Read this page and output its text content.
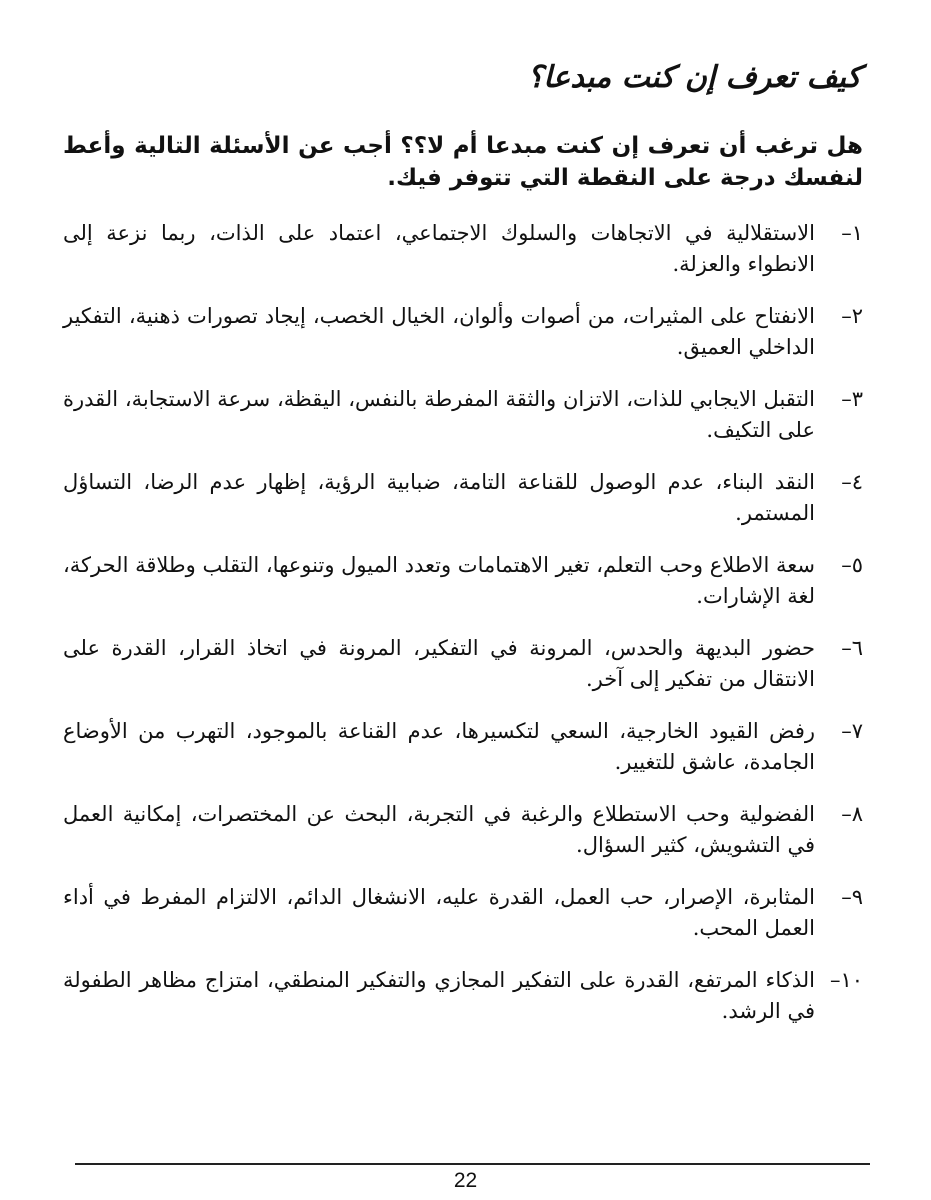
كيف تعرف إن كنت مبدعا؟

هل ترغب أن تعرف إن كنت مبدعا أم لا؟؟ أجب عن الأسئلة التالية وأعط لنفسك درجة على النقطة التي تتوفر فيك.

١–
الاستقلالية في الاتجاهات والسلوك الاجتماعي، اعتماد على الذات، ربما نزعة إلى الانطواء والعزلة.
٢–
الانفتاح على المثيرات، من أصوات وألوان، الخيال الخصب، إيجاد تصورات ذهنية، التفكير الداخلي العميق.
٣–
التقبل الايجابي للذات، الاتزان والثقة المفرطة بالنفس، اليقظة، سرعة الاستجابة، القدرة على التكيف.
٤–
النقد البناء، عدم الوصول للقناعة التامة، ضبابية الرؤية، إظهار عدم الرضا، التساؤل المستمر.
٥–
سعة الاطلاع وحب التعلم، تغير الاهتمامات وتعدد الميول وتنوعها، التقلب وطلاقة الحركة، لغة الإشارات.
٦–
حضور البديهة والحدس، المرونة في التفكير، المرونة في اتخاذ القرار، القدرة على الانتقال من تفكير إلى آخر.
٧–
رفض القيود الخارجية، السعي لتكسيرها، عدم القناعة بالموجود، التهرب من الأوضاع الجامدة، عاشق للتغيير.
٨–
الفضولية وحب الاستطلاع والرغبة في التجربة، البحث عن المختصرات، إمكانية العمل في التشويش، كثير السؤال.
٩–
المثابرة، الإصرار، حب العمل، القدرة عليه، الانشغال الدائم، الالتزام المفرط في أداء العمل المحب.
١٠–
الذكاء المرتفع، القدرة على التفكير المجازي والتفكير المنطقي، امتزاج مظاهر الطفولة في الرشد.
22
